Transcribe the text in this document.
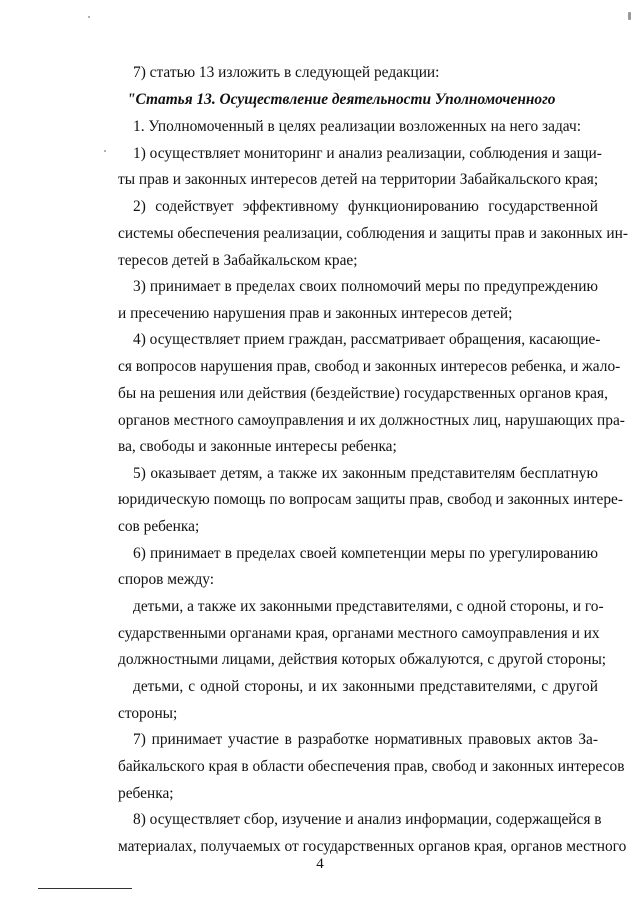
7) статью 13 изложить в следующей редакции:
"Статья 13. Осуществление деятельности Уполномоченного
1. Уполномоченный в целях реализации возложенных на него задач:
1) осуществляет мониторинг и анализ реализации, соблюдения и защи-
ты прав и законных интересов детей на территории Забайкальского края;
2) содействует эффективному функционированию государственной
системы обеспечения реализации, соблюдения и защиты прав и законных ин-
тересов детей в Забайкальском крае;
3) принимает в пределах своих полномочий меры по предупреждению
и пресечению нарушения прав и законных интересов детей;
4) осуществляет прием граждан, рассматривает обращения, касающие-
ся вопросов нарушения прав, свобод и законных интересов ребенка, и жало-
бы на решения или действия (бездействие) государственных органов края,
органов местного самоуправления и их должностных лиц, нарушающих пра-
ва, свободы и законные интересы ребенка;
5) оказывает детям, а также их законным представителям бесплатную
юридическую помощь по вопросам защиты прав, свобод и законных интере-
сов ребенка;
6) принимает в пределах своей компетенции меры по урегулированию
споров между:
детьми, а также их законными представителями, с одной стороны, и го-
сударственными органами края, органами местного самоуправления и их
должностными лицами, действия которых обжалуются, с другой стороны;
детьми, с одной стороны, и их законными представителями, с другой
стороны;
7) принимает участие в разработке нормативных правовых актов За-
байкальского края в области обеспечения прав, свобод и законных интересов
ребенка;
8) осуществляет сбор, изучение и анализ информации, содержащейся в
материалах, получаемых от государственных органов края, органов местного
4
